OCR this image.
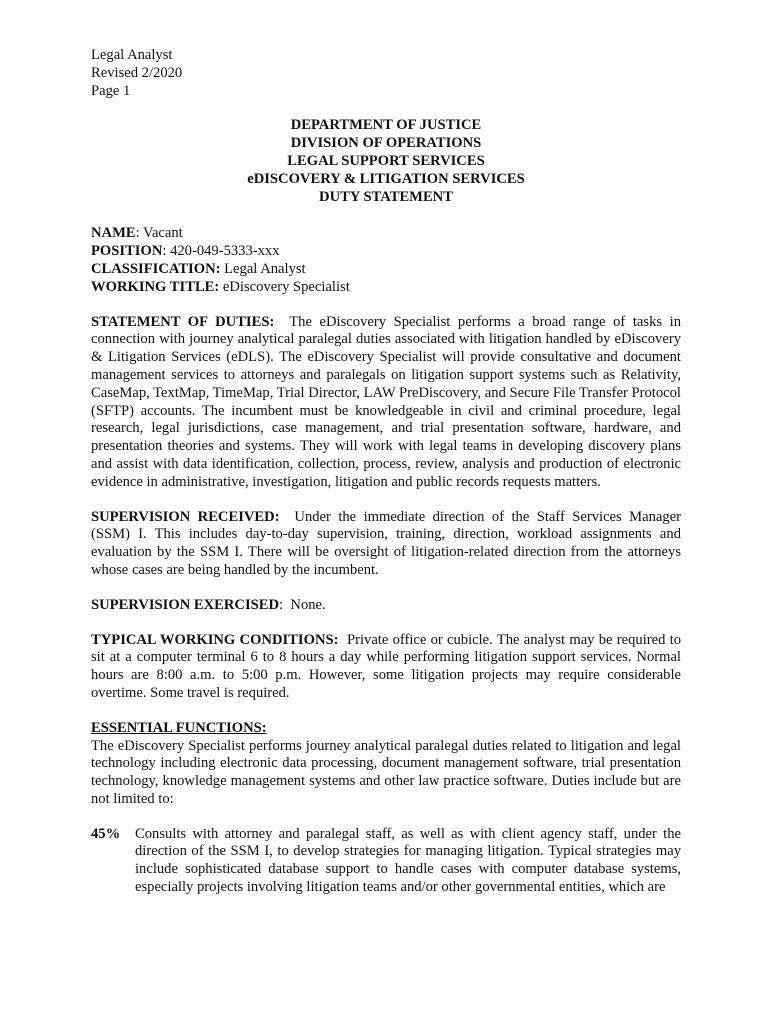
Legal Analyst
Revised 2/2020
Page 1
DEPARTMENT OF JUSTICE
DIVISION OF OPERATIONS
LEGAL SUPPORT SERVICES
eDISCOVERY & LITIGATION SERVICES
DUTY STATEMENT
NAME: Vacant
POSITION: 420-049-5333-xxx
CLASSIFICATION: Legal Analyst
WORKING TITLE: eDiscovery Specialist
STATEMENT OF DUTIES:  The eDiscovery Specialist performs a broad range of tasks in connection with journey analytical paralegal duties associated with litigation handled by eDiscovery & Litigation Services (eDLS). The eDiscovery Specialist will provide consultative and document management services to attorneys and paralegals on litigation support systems such as Relativity, CaseMap, TextMap, TimeMap, Trial Director, LAW PreDiscovery, and Secure File Transfer Protocol (SFTP) accounts. The incumbent must be knowledgeable in civil and criminal procedure, legal research, legal jurisdictions, case management, and trial presentation software, hardware, and presentation theories and systems. They will work with legal teams in developing discovery plans and assist with data identification, collection, process, review, analysis and production of electronic evidence in administrative, investigation, litigation and public records requests matters.
SUPERVISION RECEIVED:  Under the immediate direction of the Staff Services Manager (SSM) I. This includes day-to-day supervision, training, direction, workload assignments and evaluation by the SSM I. There will be oversight of litigation-related direction from the attorneys whose cases are being handled by the incumbent.
SUPERVISION EXERCISED:  None.
TYPICAL WORKING CONDITIONS:  Private office or cubicle. The analyst may be required to sit at a computer terminal 6 to 8 hours a day while performing litigation support services. Normal hours are 8:00 a.m. to 5:00 p.m. However, some litigation projects may require considerable overtime. Some travel is required.
ESSENTIAL FUNCTIONS:
The eDiscovery Specialist performs journey analytical paralegal duties related to litigation and legal technology including electronic data processing, document management software, trial presentation technology, knowledge management systems and other law practice software. Duties include but are not limited to:
45%	Consults with attorney and paralegal staff, as well as with client agency staff, under the direction of the SSM I, to develop strategies for managing litigation. Typical strategies may include sophisticated database support to handle cases with computer database systems, especially projects involving litigation teams and/or other governmental entities, which are
